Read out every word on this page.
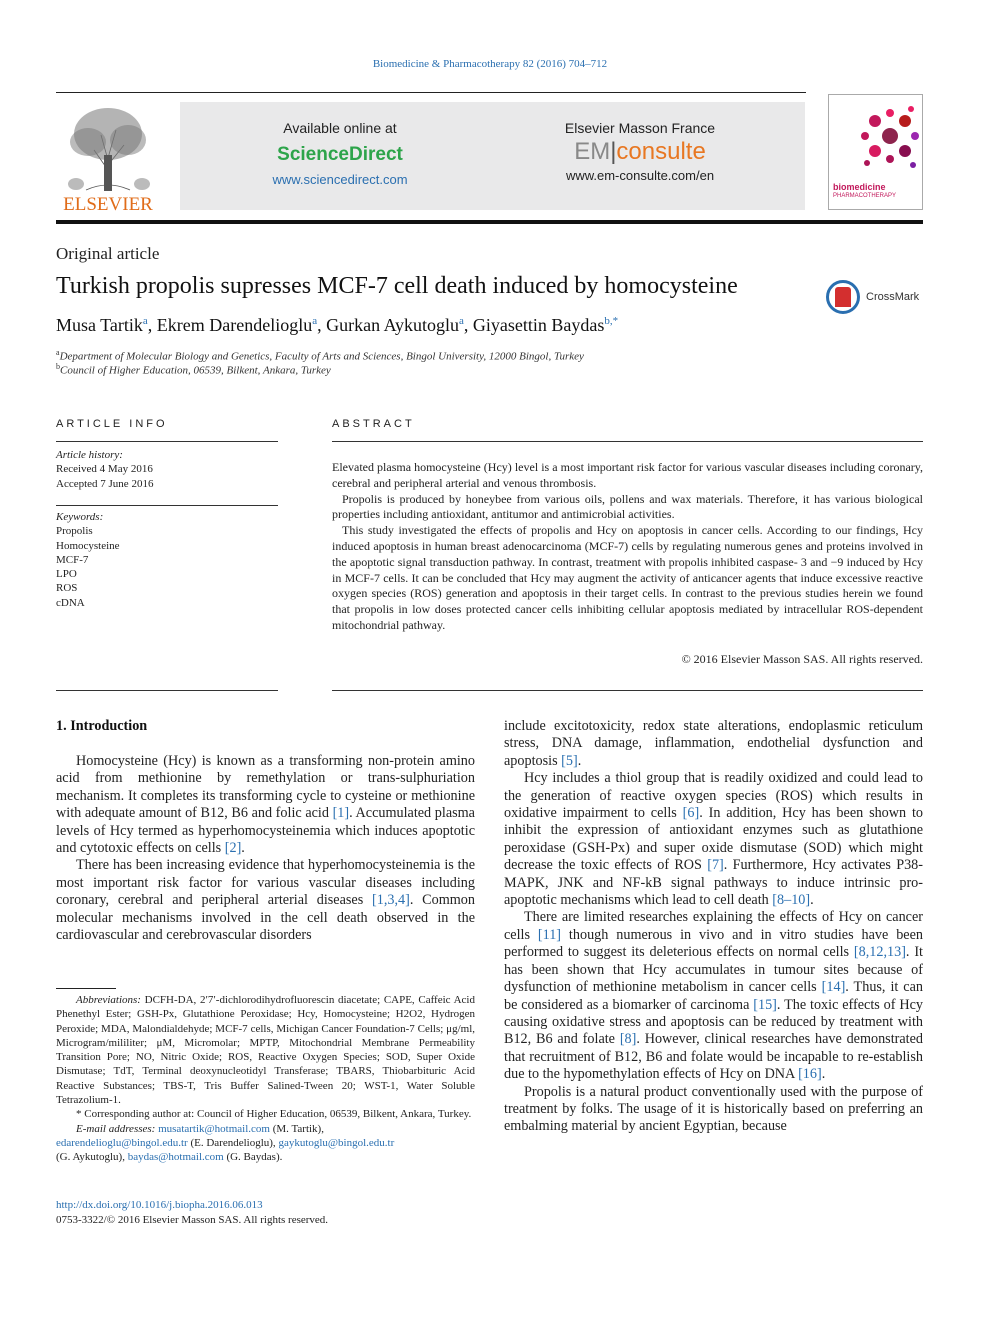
Biomedicine & Pharmacotherapy 82 (2016) 704–712
ELSEVIER
Available online at
ScienceDirect
www.sciencedirect.com
Elsevier Masson France
EM|consulte
www.em-consulte.com/en
biomedicine
PHARMACOTHERAPY
Original article
Turkish propolis supresses MCF-7 cell death induced by homocysteine	CrossMark
Musa Tartik$^a$, Ekrem Darendelioglu$^a$, Gurkan Aykutoglu$^a$, Giyasettin Baydas$^{b,*}$
$^a$Department of Molecular Biology and Genetics, Faculty of Arts and Sciences, Bingol University, 12000 Bingol, Turkey
$^b$Council of Higher Education, 06539, Bilkent, Ankara, Turkey
ARTICLE INFO
Article history:
Received 4 May 2016
Accepted 7 June 2016
Keywords:
Propolis
Homocysteine
MCF-7
LPO
ROS
cDNA
ABSTRACT

Elevated plasma homocysteine (Hcy) level is a most important risk factor for various vascular diseases including coronary, cerebral and peripheral arterial and venous thrombosis.

Propolis is produced by honeybee from various oils, pollens and wax materials. Therefore, it has various biological properties including antioxidant, antitumor and antimicrobial activities.

This study investigated the effects of propolis and Hcy on apoptosis in cancer cells. According to our findings, Hcy induced apoptosis in human breast adenocarcinoma (MCF-7) cells by regulating numerous genes and proteins involved in the apoptotic signal transduction pathway. In contrast, treatment with propolis inhibited caspase- 3 and −9 induced by Hcy in MCF-7 cells. It can be concluded that Hcy may augment the activity of anticancer agents that induce excessive reactive oxygen species (ROS) generation and apoptosis in their target cells. In contrast to the previous studies herein we found that propolis in low doses protected cancer cells inhibiting cellular apoptosis mediated by intracellular ROS-dependent mitochondrial pathway.

© 2016 Elsevier Masson SAS. All rights reserved.
1. Introduction

Homocysteine (Hcy) is known as a transforming non-protein amino acid from methionine by remethylation or trans-sulphuriation mechanism. It completes its transforming cycle to cysteine or methionine with adequate amount of B12, B6 and folic acid [1]. Accumulated plasma levels of Hcy termed as hyperhomocysteinemia which induces apoptotic and cytotoxic effects on cells [2].

There has been increasing evidence that hyperhomocysteinemia is the most important risk factor for various vascular diseases including coronary, cerebral and peripheral arterial diseases [1,3,4]. Common molecular mechanisms involved in the cell death observed in the cardiovascular and cerebrovascular disorders

Abbreviations: DCFH-DA, 2′7′-dichlorodihydrofluorescin diacetate; CAPE, Caffeic Acid Phenethyl Ester; GSH-Px, Glutathione Peroxidase; Hcy, Homocysteine; H2O2, Hydrogen Peroxide; MDA, Malondialdehyde; MCF-7 cells, Michigan Cancer Foundation-7 Cells; μg/ml, Microgram/mililiter; μM, Micromolar; MPTP, Mitochondrial Membrane Permeability Transition Pore; NO, Nitric Oxide; ROS, Reactive Oxygen Species; SOD, Super Oxide Dismutase; TdT, Terminal deoxynucleotidyl Transferase; TBARS, Thiobarbituric Acid Reactive Substances; TBS-T, Tris Buffer Salined-Tween 20; WST-1, Water Soluble Tetrazolium-1.

* Corresponding author at: Council of Higher Education, 06539, Bilkent, Ankara, Turkey.

E-mail addresses: musatartik@hotmail.com (M. Tartik),
edarendelioglu@bingol.edu.tr (E. Darendelioglu), gaykutoglu@bingol.edu.tr
(G. Aykutoglu), baydas@hotmail.com (G. Baydas).

http://dx.doi.org/10.1016/j.biopha.2016.06.013
0753-3322/© 2016 Elsevier Masson SAS. All rights reserved.

include excitotoxicity, redox state alterations, endoplasmic reticulum stress, DNA damage, inflammation, endothelial dysfunction and apoptosis [5].

Hcy includes a thiol group that is readily oxidized and could lead to the generation of reactive oxygen species (ROS) which results in oxidative impairment to cells [6]. In addition, Hcy has been shown to inhibit the expression of antioxidant enzymes such as glutathione peroxidase (GSH-Px) and super oxide dismutase (SOD) which might decrease the toxic effects of ROS [7]. Furthermore, Hcy activates P38-MAPK, JNK and NF-kB signal pathways to induce intrinsic pro-apoptotic mechanisms which lead to cell death [8–10].

There are limited researches explaining the effects of Hcy on cancer cells [11] though numerous in vivo and in vitro studies have been performed to suggest its deleterious effects on normal cells [8,12,13]. It has been shown that Hcy accumulates in tumour sites because of dysfunction of methionine metabolism in cancer cells [14]. Thus, it can be considered as a biomarker of carcinoma [15]. The toxic effects of Hcy causing oxidative stress and apoptosis can be reduced by treatment with B12, B6 and folate [8]. However, clinical researches have demonstrated that recruitment of B12, B6 and folate would be incapable to re-establish due to the hypomethylation effects of Hcy on DNA [16].

Propolis is a natural product conventionally used with the purpose of treatment by folks. The usage of it is historically based on preferring an embalming material by ancient Egyptian, because
